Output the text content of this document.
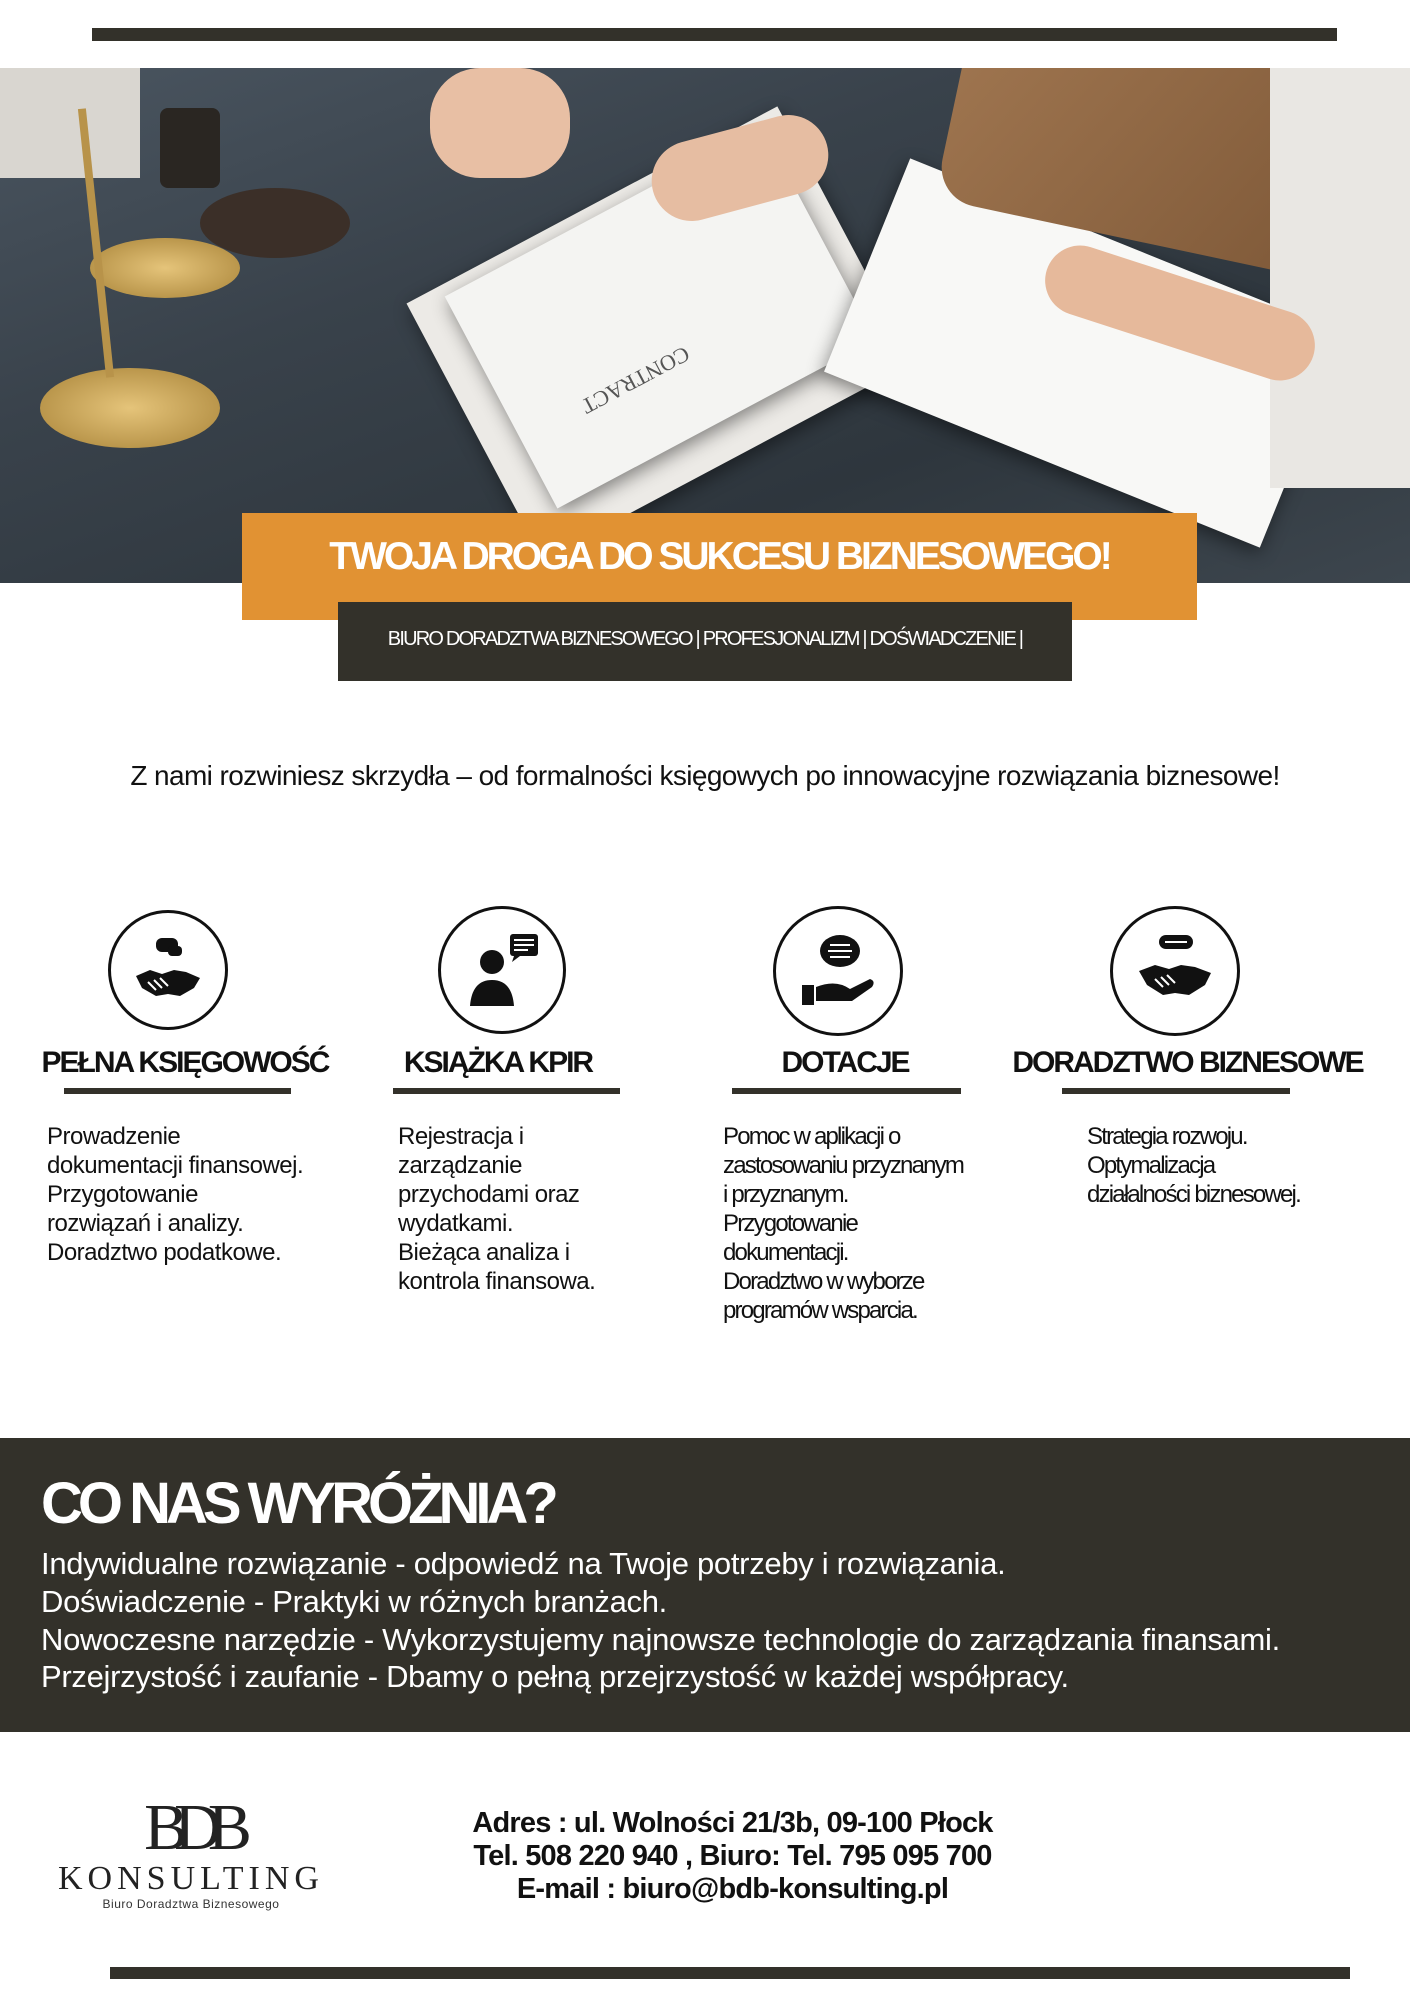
CONTRACT
TWOJA DROGA DO SUKCESU BIZNESOWEGO!
BIURO DORADZTWA BIZNESOWEGO | PROFESJONALIZM | DOŚWIADCZENIE |
Z nami rozwiniesz skrzydła – od formalności księgowych po innowacyjne rozwiązania biznesowe!
PEŁNA KSIĘGOWOŚĆ	KSIĄŻKA KPIR	DOTACJE	DORADZTWO BIZNESOWE
Prowadzenie
dokumentacji finansowej.
Przygotowanie
rozwiązań i analizy.
Doradztwo podatkowe.
Rejestracja i
zarządzanie
przychodami oraz
wydatkami.
Bieżąca analiza i
kontrola finansowa.
Pomoc w aplikacji o
zastosowaniu przyznanym
i przyznanym.
Przygotowanie
dokumentacji.
Doradztwo w wyborze
programów wsparcia.
Strategia rozwoju.
Optymalizacja
działalności biznesowej.
CO NAS WYRÓŻNIA?
Indywidualne rozwiązanie - odpowiedź na Twoje potrzeby i rozwiązania.
Doświadczenie - Praktyki w różnych branżach.
Nowoczesne narzędzie - Wykorzystujemy najnowsze technologie do zarządzania finansami.
Przejrzystość i zaufanie - Dbamy o pełną przejrzystość w każdej współpracy.
BDB
KONSULTING
Biuro Doradztwa Biznesowego
Adres : ul. Wolności 21/3b, 09-100 Płock
Tel. 508 220 940 , Biuro: Tel. 795 095 700
E-mail : biuro@bdb-konsulting.pl
